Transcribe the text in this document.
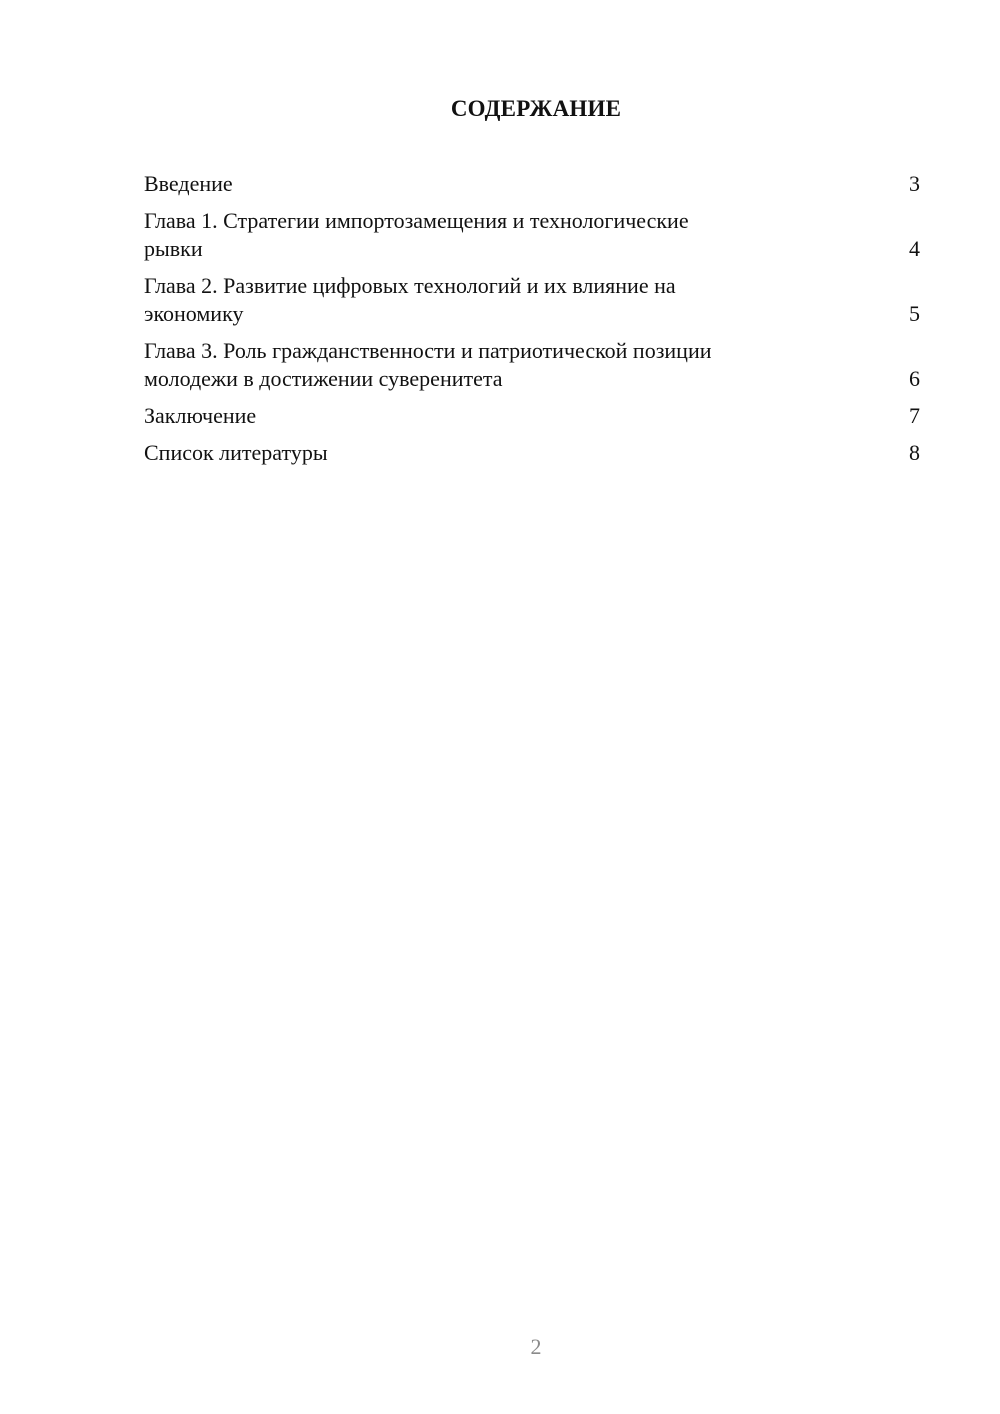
СОДЕРЖАНИЕ
Введение	3
Глава 1. Стратегии импортозамещения и технологические
рывки	4
Глава 2. Развитие цифровых технологий и их влияние на
экономику	5
Глава 3. Роль гражданственности и патриотической позиции
молодежи в достижении суверенитета	6
Заключение	7
Список литературы	8
2
